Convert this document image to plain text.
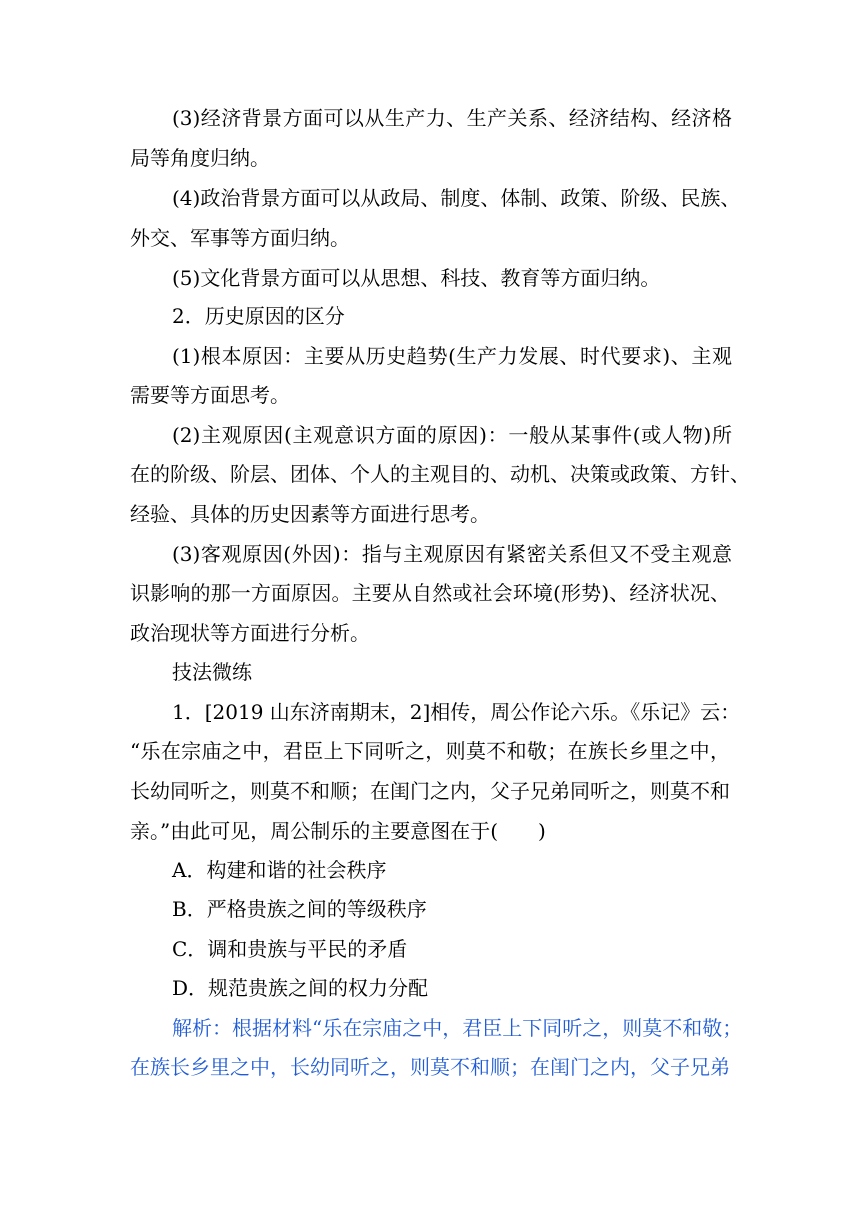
(3)经济背景方面可以从生产力、生产关系、经济结构、经济格
局等角度归纳。
(4)政治背景方面可以从政局、制度、体制、政策、阶级、民族、
外交、军事等方面归纳。
(5)文化背景方面可以从思想、科技、教育等方面归纳。
2．历史原因的区分
(1)根本原因：主要从历史趋势(生产力发展、时代要求)、主观
需要等方面思考。
(2)主观原因(主观意识方面的原因)：一般从某事件(或人物)所
在的阶级、阶层、团体、个人的主观目的、动机、决策或政策、方针、
经验、具体的历史因素等方面进行思考。
(3)客观原因(外因)：指与主观原因有紧密关系但又不受主观意
识影响的那一方面原因。主要从自然或社会环境(形势)、经济状况、
政治现状等方面进行分析。
技法微练
1．[2019 山东济南期末，2]相传，周公作论六乐。《乐记》云：
“乐在宗庙之中，君臣上下同听之，则莫不和敬；在族长乡里之中，
长幼同听之，则莫不和顺；在闺门之内，父子兄弟同听之，则莫不和
亲。”由此可见，周公制乐的主要意图在于(　　)
A．构建和谐的社会秩序
B．严格贵族之间的等级秩序
C．调和贵族与平民的矛盾
D．规范贵族之间的权力分配
解析：根据材料“乐在宗庙之中，君臣上下同听之，则莫不和敬；
在族长乡里之中，长幼同听之，则莫不和顺；在闺门之内，父子兄弟
